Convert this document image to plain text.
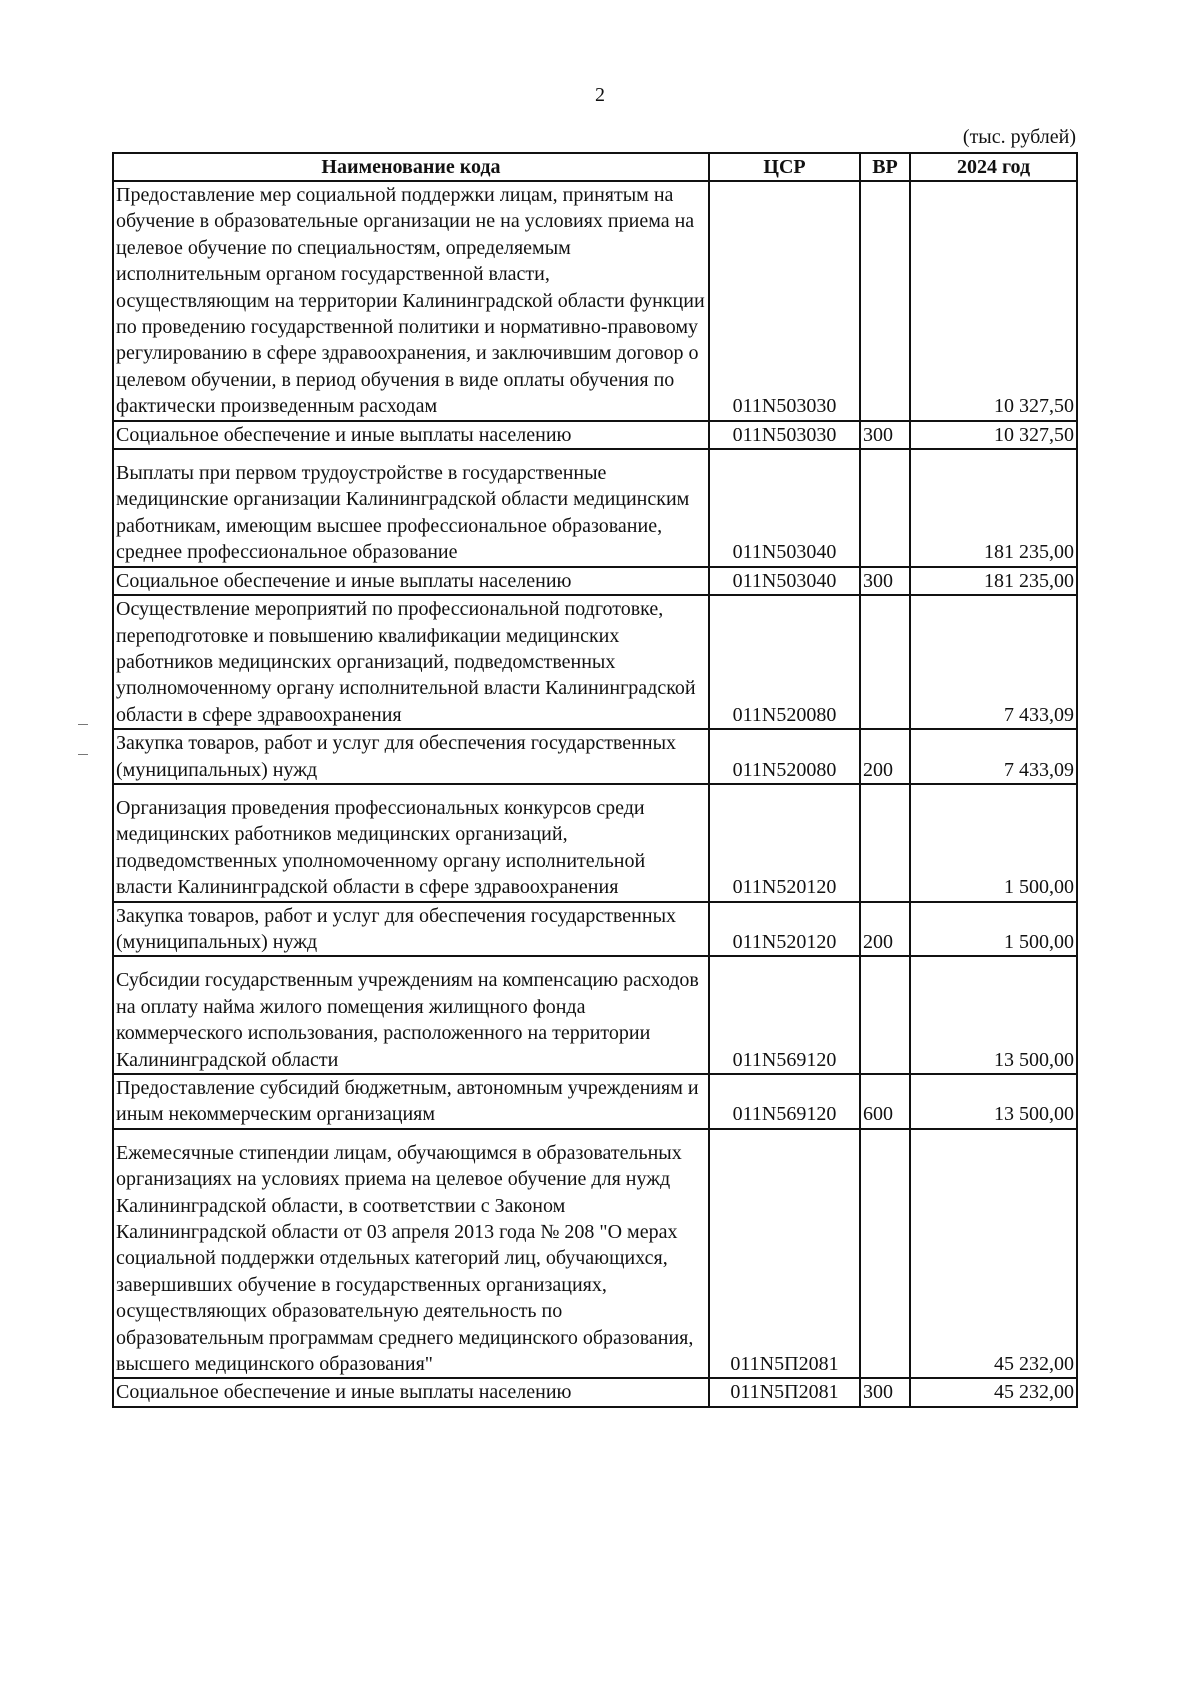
2
(тыс. рублей)
Наименование кода	ЦСР	ВР	2024 год
Предоставление мер социальной поддержки лицам, принятым на обучение в образовательные организации не на условиях приема на целевое обучение по специальностям, определяемым исполнительным органом государственной власти, осуществляющим на территории Калининградской области функции по проведению государственной политики и нормативно-правовому регулированию в сфере здравоохранения, и заключившим договор о целевом обучении, в период обучения в виде оплаты обучения по фактически произведенным расходам	011N503030		10 327,50
Социальное обеспечение и иные выплаты населению	011N503030	300	10 327,50

Выплаты при первом трудоустройстве в государственные медицинские организации Калининградской области медицинским работникам, имеющим высшее профессиональное образование, среднее профессиональное образование	011N503040		181 235,00
Социальное обеспечение и иные выплаты населению	011N503040	300	181 235,00
Осуществление мероприятий по профессиональной подготовке, переподготовке и повышению квалификации медицинских работников медицинских организаций, подведомственных уполномоченному органу исполнительной власти Калининградской области в сфере здравоохранения	011N520080		7 433,09
Закупка товаров, работ и услуг для обеспечения государственных (муниципальных) нужд	011N520080	200	7 433,09

Организация проведения профессиональных конкурсов среди медицинских работников медицинских организаций, подведомственных уполномоченному органу исполнительной власти Калининградской области в сфере здравоохранения	011N520120		1 500,00
Закупка товаров, работ и услуг для обеспечения государственных (муниципальных) нужд	011N520120	200	1 500,00

Субсидии государственным учреждениям на компенсацию расходов на оплату найма жилого помещения жилищного фонда коммерческого использования, расположенного на территории Калининградской области	011N569120		13 500,00
Предоставление субсидий бюджетным, автономным учреждениям и иным некоммерческим организациям	011N569120	600	13 500,00

Ежемесячные стипендии лицам, обучающимся в образовательных организациях на условиях приема на целевое обучение для нужд Калининградской области, в соответствии с Законом Калининградской области от 03 апреля 2013 года № 208 "О мерах социальной поддержки отдельных категорий лиц, обучающихся, завершивших обучение в государственных организациях, осуществляющих образовательную деятельность по образовательным программам среднего медицинского образования, высшего медицинского образования"	011N5П2081		45 232,00
Социальное обеспечение и иные выплаты населению	011N5П2081	300	45 232,00
